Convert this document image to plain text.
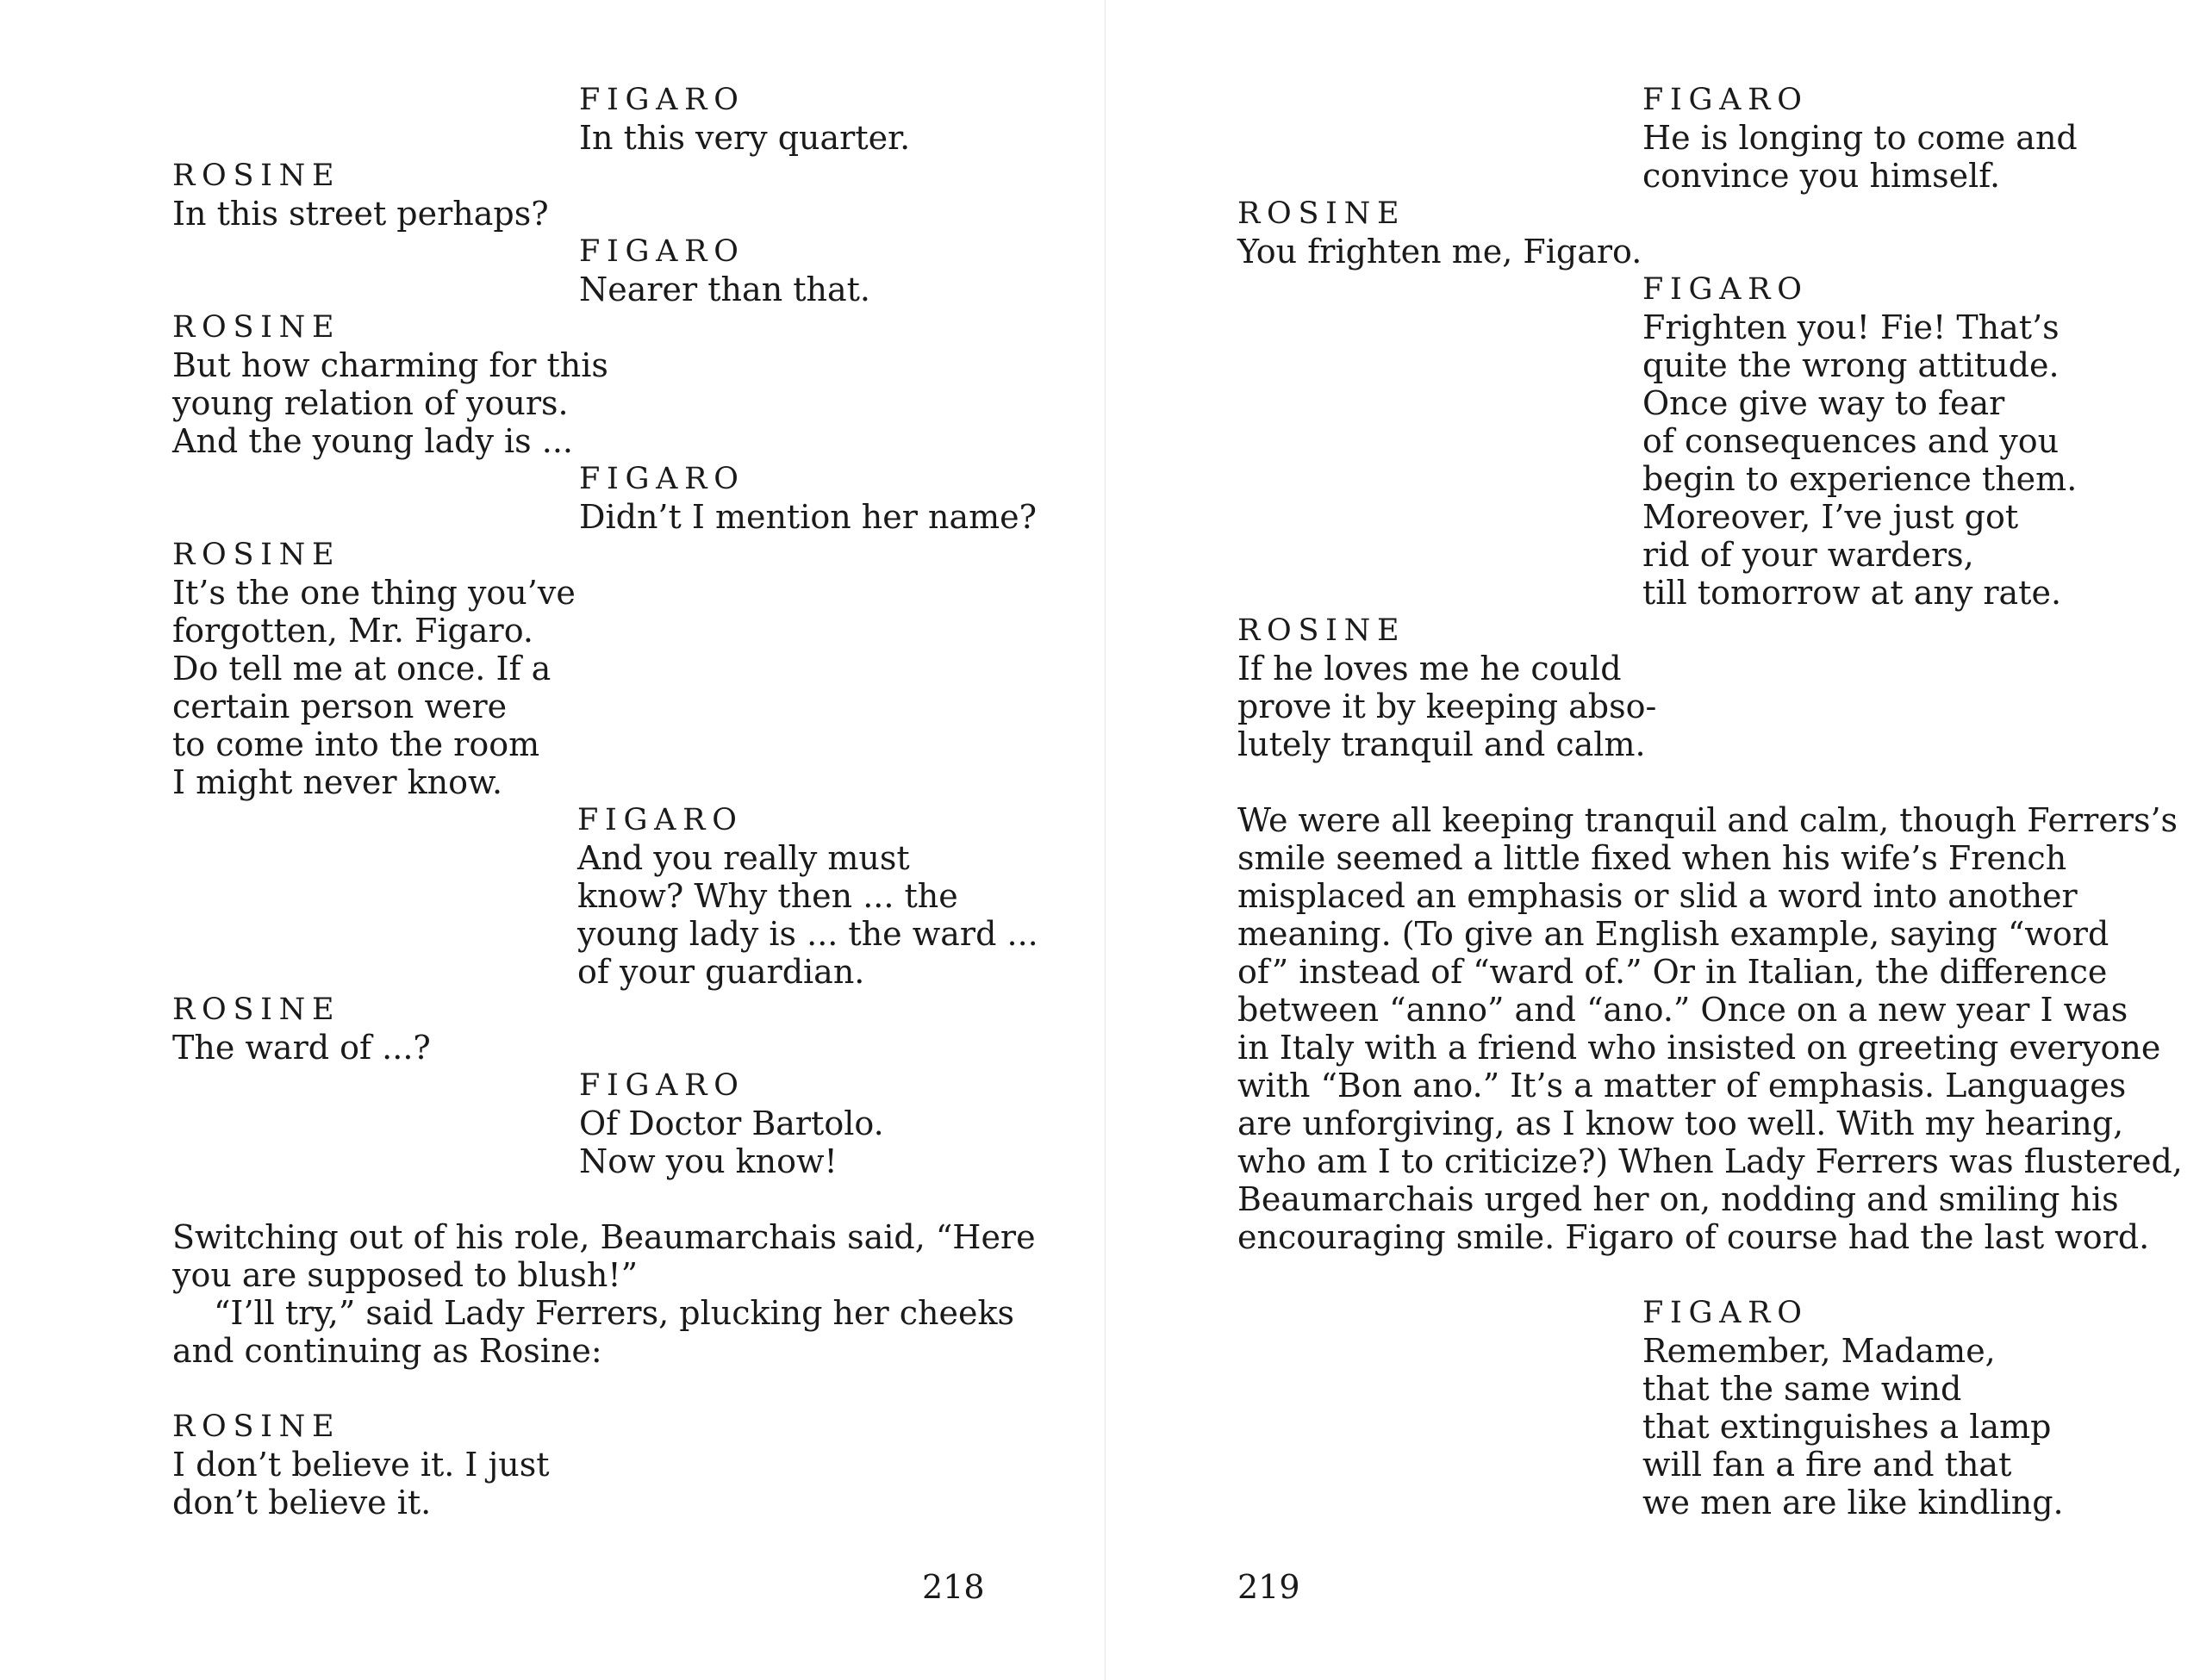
FIGARO
In this very quarter.
ROSINE
In this street perhaps?
FIGARO
Nearer than that.
ROSINE
But how charming for this
young relation of yours.
And the young lady is ...
FIGARO
Didn’t I mention her name?
ROSINE
It’s the one thing you’ve
forgotten, Mr. Figaro.
Do tell me at once. If a
certain person were
to come into the room
I might never know.
FIGARO
And you really must
know? Why then ... the
young lady is ... the ward ...
of your guardian.
ROSINE
The ward of ...?
FIGARO
Of Doctor Bartolo.
Now you know!
Switching out of his role, Beaumarchais said, “Here
you are supposed to blush!”
“I’ll try,” said Lady Ferrers, plucking her cheeks
and continuing as Rosine:
ROSINE
I don’t believe it. I just
don’t believe it.
218
FIGARO
He is longing to come and
convince you himself.
ROSINE
You frighten me, Figaro.
FIGARO
Frighten you! Fie! That’s
quite the wrong attitude.
Once give way to fear
of consequences and you
begin to experience them.
Moreover, I’ve just got
rid of your warders,
till tomorrow at any rate.
ROSINE
If he loves me he could
prove it by keeping abso-
lutely tranquil and calm.
We were all keeping tranquil and calm, though Ferrers’s
smile seemed a little fixed when his wife’s French
misplaced an emphasis or slid a word into another
meaning. (To give an English example, saying “word
of” instead of “ward of.” Or in Italian, the difference
between “anno” and “ano.” Once on a new year I was
in Italy with a friend who insisted on greeting everyone
with “Bon ano.” It’s a matter of emphasis. Languages
are unforgiving, as I know too well. With my hearing,
who am I to criticize?) When Lady Ferrers was flustered,
Beaumarchais urged her on, nodding and smiling his
encouraging smile. Figaro of course had the last word.
FIGARO
Remember, Madame,
that the same wind
that extinguishes a lamp
will fan a fire and that
we men are like kindling.
219
